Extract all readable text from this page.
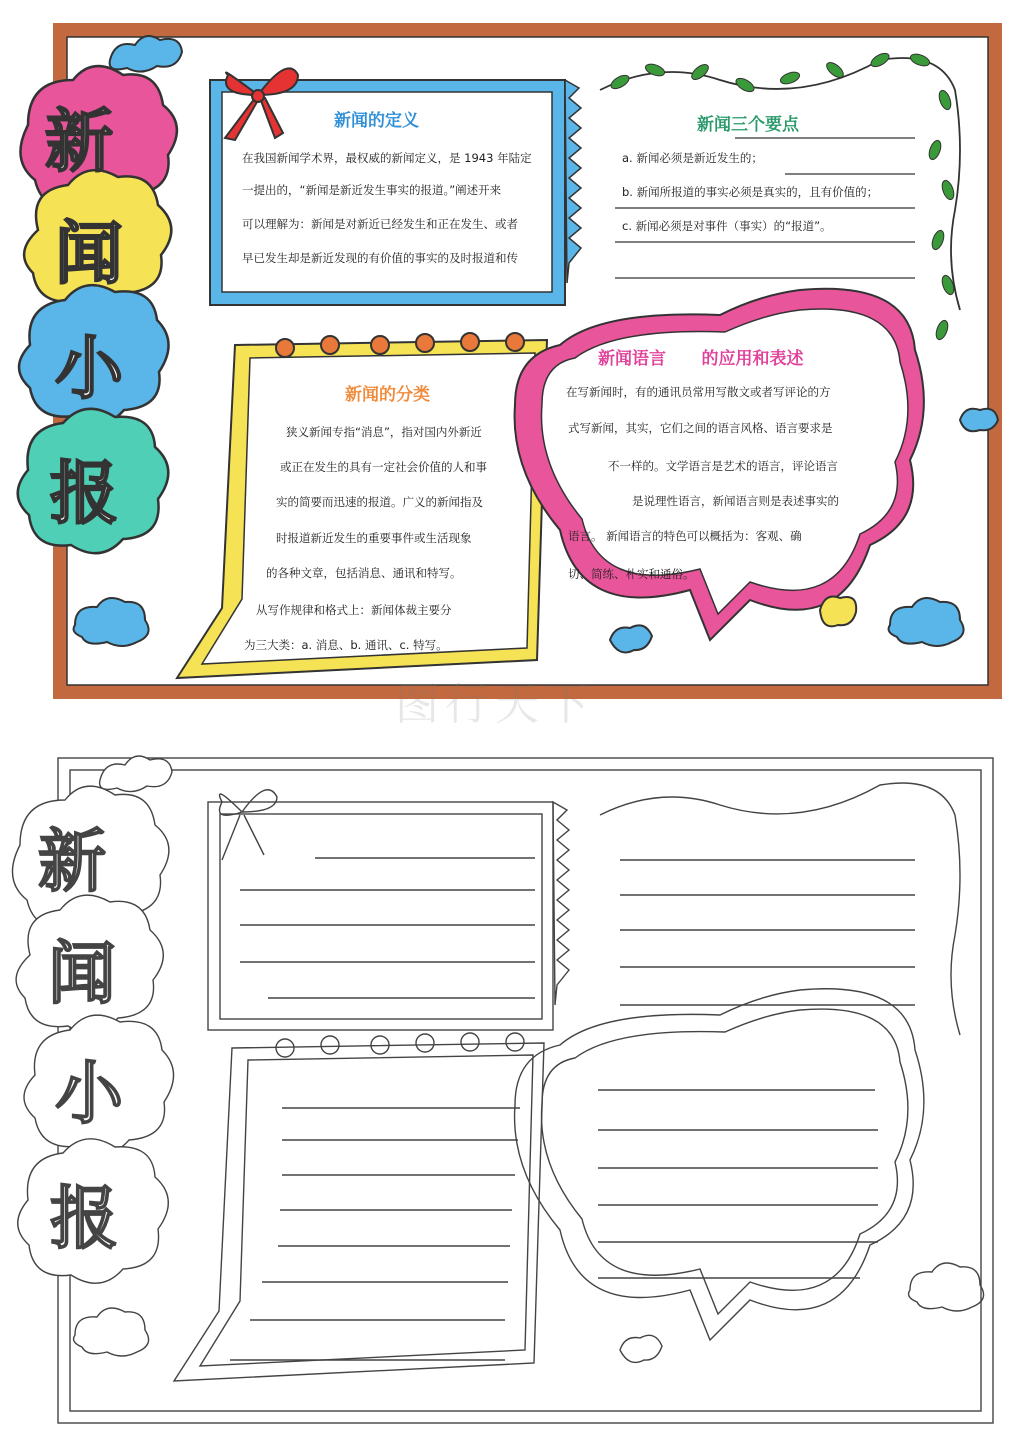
新
闻
小
报
新闻的定义
在我国新闻学术界，最权威的新闻定义，是 1943 年陆定
一提出的，“新闻是新近发生事实的报道。”阐述开来
可以理解为：新闻是对新近已经发生和正在发生、或者
早已发生却是新近发现的有价值的事实的及时报道和传
新闻三个要点
a. 新闻必须是新近发生的；
b. 新闻所报道的事实必须是真实的，且有价值的；
c. 新闻必须是对事件（事实）的“报道”。
新闻的分类
狭义新闻专指“消息”，指对国内外新近
或正在发生的具有一定社会价值的人和事
实的简要而迅速的报道。广义的新闻指及
时报道新近发生的重要事件或生活现象
的各种文章，包括消息、通讯和特写。
从写作规律和格式上：新闻体裁主要分
为三大类：a. 消息、b. 通讯、c. 特写。
新闻语言      的应用和表述
在写新闻时，有的通讯员常用写散文或者写评论的方
式写新闻，其实，它们之间的语言风格、语言要求是
不一样的。文学语言是艺术的语言，评论语言
是说理性语言，新闻语言则是表述事实的
语言。 新闻语言的特色可以概括为：客观、确
切、简练、朴实和通俗。
图行天下
新
闻
小
报
